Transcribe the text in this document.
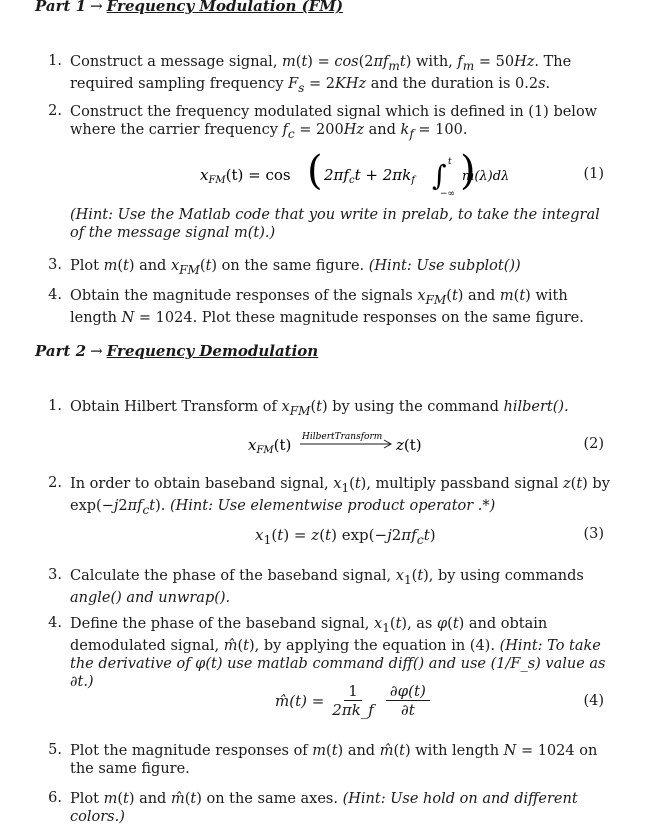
Part 1 → Frequency Modulation (FM)
1. Construct a message signal, $m(t) = \cos(2\pi f_mt)$ with, $f_m = 50Hz$. The required sampling frequency $F_s = 2KHz$ and the duration is 0.2s.
2. Construct the frequency modulated signal which is defined in (1) below where the carrier frequency $f_c = 200Hz$ and $k_f = 100$.
$x_{FM}(t) = \cos$ ( $2\pi f_ct + 2\pi k_f$ ∫ t
−∞
m(λ)dλ
)	(1)
(Hint: Use the Matlab code that you write in prelab, to take the integral of the message signal m(t).)
3. Plot m(t) and $x_{FM}(t)$ on the same figure. (Hint: Use subplot())
4. Obtain the magnitude responses of the signals $x_{FM}(t)$ and m(t) with length N = 1024. Plot these magnitude responses on the same figure.
Part 2 → Frequency Demodulation
1. Obtain Hilbert Transform of $x_{FM}(t)$ by using the command hilbert().
$x_{FM}(t)$ HilbertTransform z(t)	(2)
2. In order to obtain baseband signal, $x_1(t)$, multiply passband signal z(t) by $\exp(-j2\pi f_ct)$. (Hint: Use elementwise product operator .*)
$x_1(t) = z(t)$ $\exp(-j2\pi f_ct)$	(3)
3. Calculate the phase of the baseband signal, $x_1(t)$, by using commands angle() and unwrap().
4. Define the phase of the baseband signal, $x_1(t)$, as φ(t) and obtain demodulated signal, m̂(t), by applying the equation in (4). (Hint: To take the derivative of φ(t) use matlab command diff() and use (1/F_s) value as ∂t.)
m̂(t) = $\frac{1}{2\pi k\_f} \frac{\partial\varphi(t)}{\partial t}$	(4)
5. Plot the magnitude responses of m(t) and m̂(t) with length N = 1024 on the same figure.
6. Plot m(t) and m̂(t) on the same axes. (Hint: Use hold on and different colors.)
